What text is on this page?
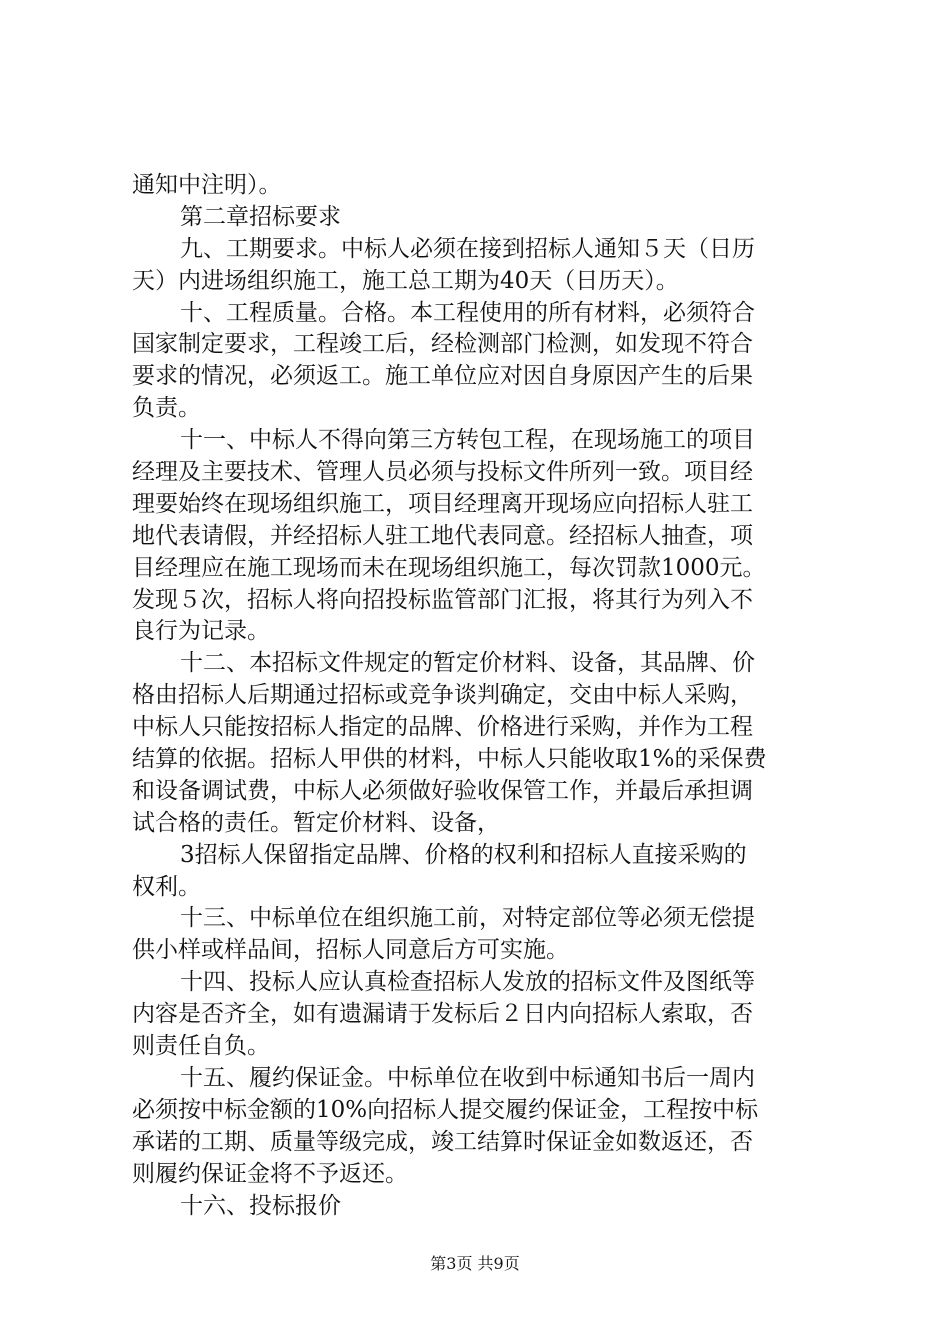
通知中注明）。
第二章招标要求
九、工期要求。中标人必须在接到招标人通知５天（日历
天）内进场组织施工，施工总工期为40天（日历天）。
十、工程质量。合格。本工程使用的所有材料，必须符合
国家制定要求，工程竣工后，经检测部门检测，如发现不符合
要求的情况，必须返工。施工单位应对因自身原因产生的后果
负责。
十一、中标人不得向第三方转包工程，在现场施工的项目
经理及主要技术、管理人员必须与投标文件所列一致。项目经
理要始终在现场组织施工，项目经理离开现场应向招标人驻工
地代表请假，并经招标人驻工地代表同意。经招标人抽查，项
目经理应在施工现场而未在现场组织施工，每次罚款1000元。
发现５次，招标人将向招投标监管部门汇报，将其行为列入不
良行为记录。
十二、本招标文件规定的暂定价材料、设备，其品牌、价
格由招标人后期通过招标或竞争谈判确定，交由中标人采购，
中标人只能按招标人指定的品牌、价格进行采购，并作为工程
结算的依据。招标人甲供的材料，中标人只能收取1%的采保费
和设备调试费，中标人必须做好验收保管工作，并最后承担调
试合格的责任。暂定价材料、设备，
3招标人保留指定品牌、价格的权利和招标人直接采购的
权利。
十三、中标单位在组织施工前，对特定部位等必须无偿提
供小样或样品间，招标人同意后方可实施。
十四、投标人应认真检查招标人发放的招标文件及图纸等
内容是否齐全，如有遗漏请于发标后２日内向招标人索取，否
则责任自负。
十五、履约保证金。中标单位在收到中标通知书后一周内
必须按中标金额的10%向招标人提交履约保证金，工程按中标
承诺的工期、质量等级完成，竣工结算时保证金如数返还，否
则履约保证金将不予返还。
十六、投标报价
第3页 共9页
